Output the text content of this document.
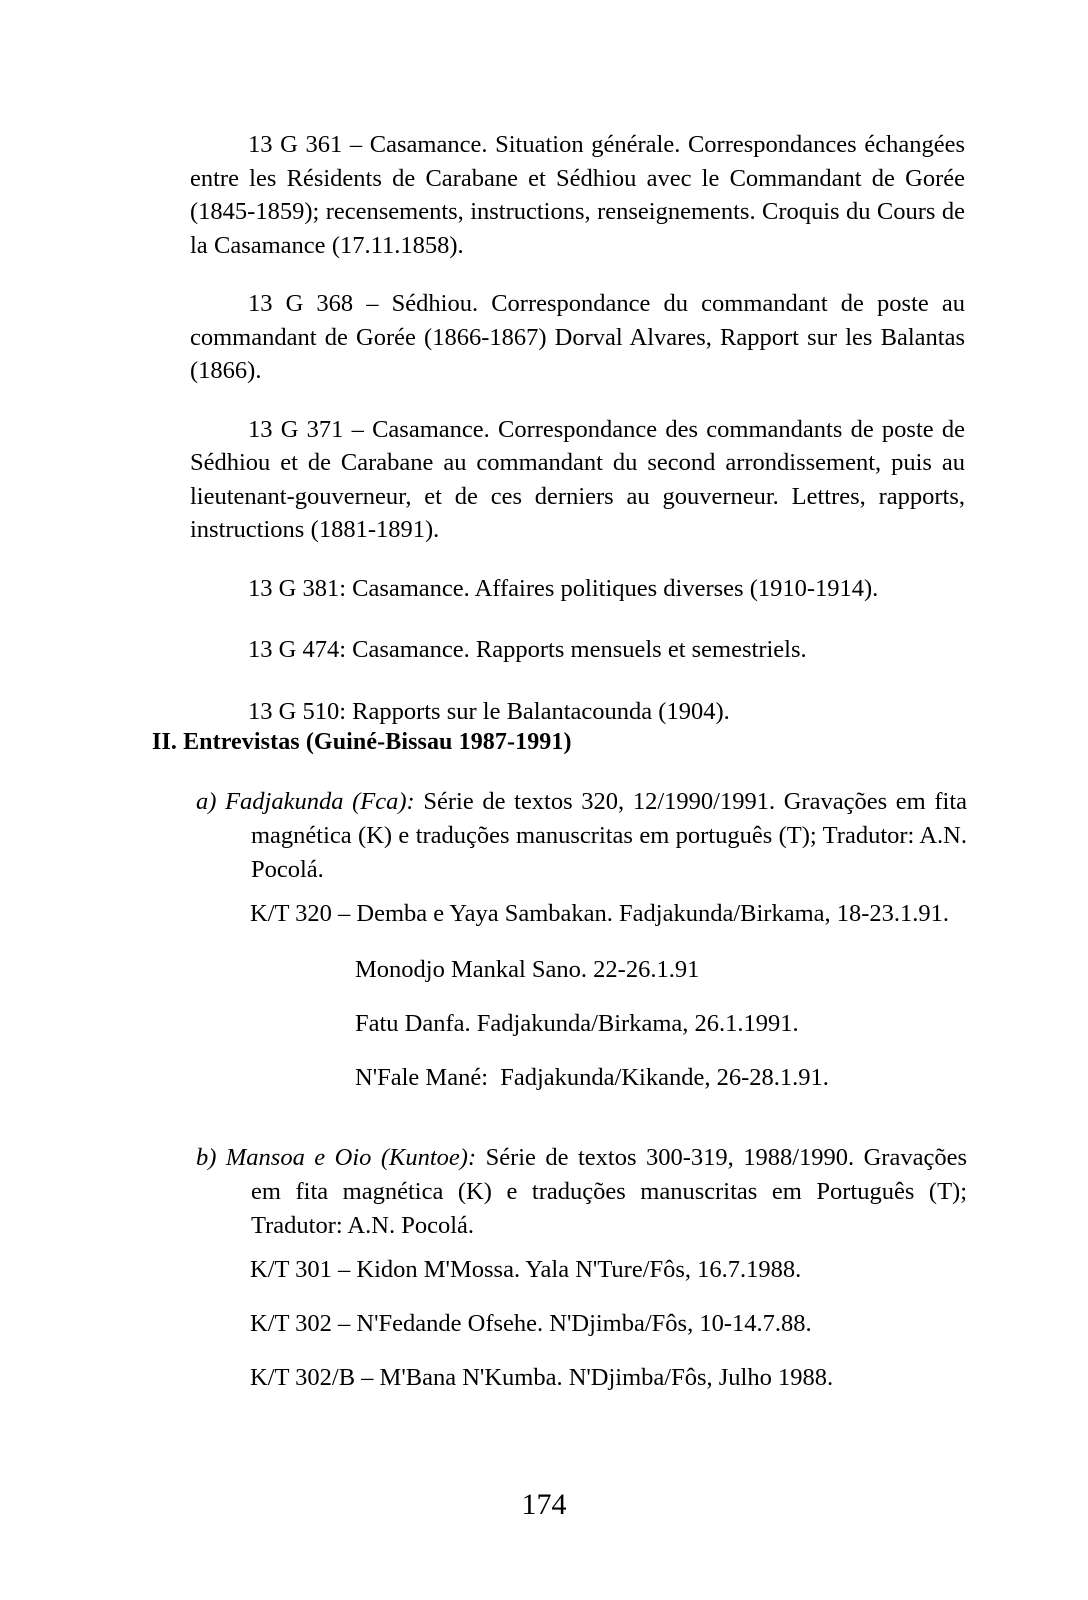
13 G 361 – Casamance. Situation générale. Correspondances échangées entre les Résidents de Carabane et Sédhiou avec le Commandant de Gorée (1845-1859); recensements, instructions, renseignements. Croquis du Cours de la Casamance (17.11.1858).

13 G 368 – Sédhiou. Correspondance du commandant de poste au commandant de Gorée (1866-1867) Dorval Alvares, Rapport sur les Balantas (1866).

13 G 371 – Casamance. Correspondance des commandants de poste de Sédhiou et de Carabane au commandant du second arrondissement, puis au lieutenant-gouverneur, et de ces derniers au gouverneur. Lettres, rapports, instructions (1881-1891).

13 G 381: Casamance. Affaires politiques diverses (1910-1914).

13 G 474: Casamance. Rapports mensuels et semestriels.

13 G 510: Rapports sur le Balantacounda (1904).

II. Entrevistas (Guiné-Bissau 1987-1991)
a) Fadjakunda (Fca): Série de textos 320, 12/1990/1991. Gravações em fita magnética (K) e traduções manuscritas em português (T); Tradutor: A.N. Pocolá.
K/T 320 – Demba e Yaya Sambakan. Fadjakunda/Birkama, 18-23.1.91.
Monodjo Mankal Sano. 22-26.1.91
Fatu Danfa. Fadjakunda/Birkama, 26.1.1991.
N'Fale Mané:  Fadjakunda/Kikande, 26-28.1.91.
b) Mansoa e Oio (Kuntoe): Série de textos 300-319, 1988/1990. Gravações em fita magnética (K) e traduções manuscritas em Português (T); Tradutor: A.N. Pocolá.
K/T 301 – Kidon M'Mossa. Yala N'Ture/Fôs, 16.7.1988.
K/T 302 – N'Fedande Ofsehe. N'Djimba/Fôs, 10-14.7.88.
K/T 302/B – M'Bana N'Kumba. N'Djimba/Fôs, Julho 1988.
174
